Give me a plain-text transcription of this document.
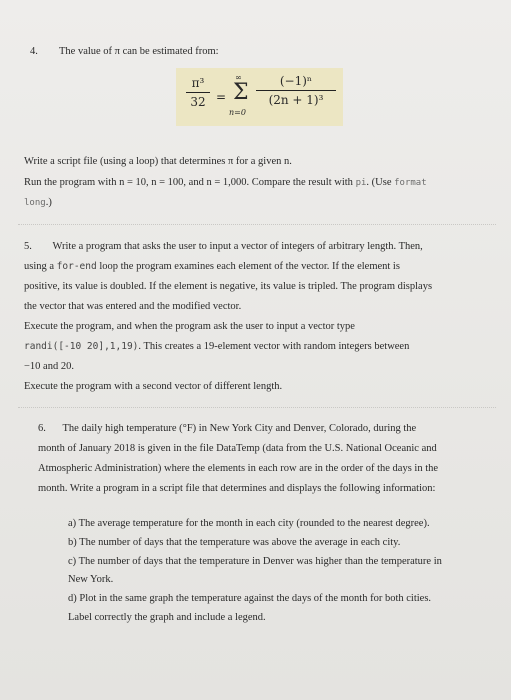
4. The value of π can be estimated from:
π³
32 =
∞
Σ
n=0
(−1)ⁿ
(2n + 1)³
Write a script file (using a loop) that determines π for a given n.
Run the program with n = 10, n = 100, and n = 1,000. Compare the result with pi. (Use format
long.)
5. Write a program that asks the user to input a vector of integers of arbitrary length. Then,
using a for-end loop the program examines each element of the vector. If the element is
positive, its value is doubled. If the element is negative, its value is tripled. The program displays
the vector that was entered and the modified vector.
Execute the program, and when the program ask the user to input a vector type
randi([-10 20],1,19). This creates a 19-element vector with random integers between
−10 and 20.
Execute the program with a second vector of different length.
6. The daily high temperature (°F) in New York City and Denver, Colorado, during the
month of January 2018 is given in the file DataTemp (data from the U.S. National Oceanic and
Atmospheric Administration) where the elements in each row are in the order of the days in the
month. Write a program in a script file that determines and displays the following information:
a) The average temperature for the month in each city (rounded to the nearest degree).
b) The number of days that the temperature was above the average in each city.
c) The number of days that the temperature in Denver was higher than the temperature in
New York.
d) Plot in the same graph the temperature against the days of the month for both cities.
Label correctly the graph and include a legend.
